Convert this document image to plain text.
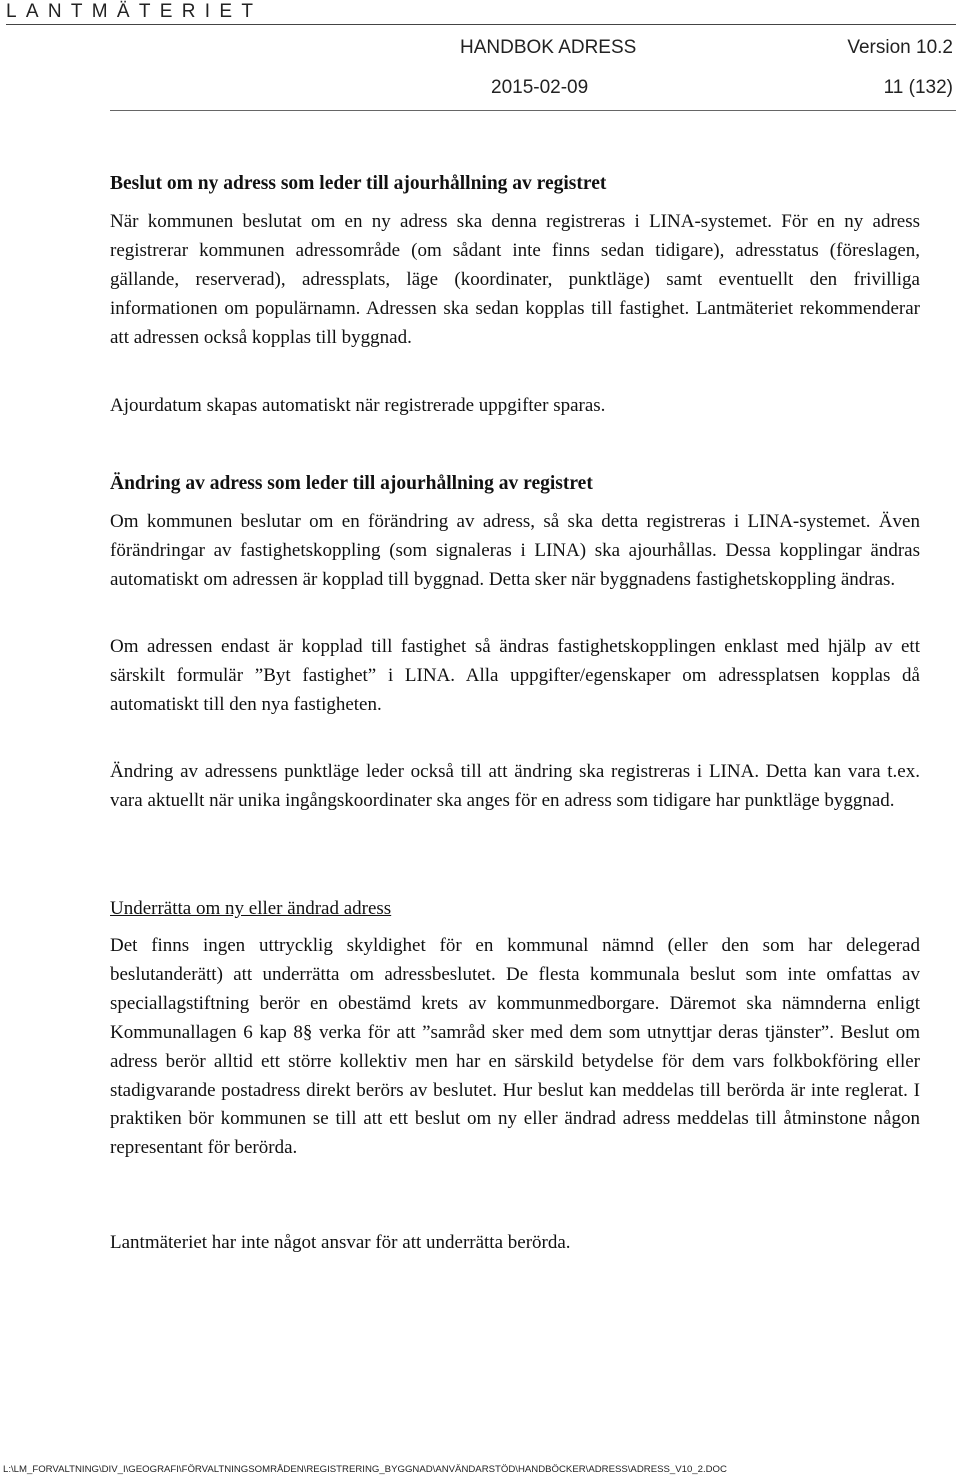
LANTMÄTERIET
HANDBOK ADRESS	Version 10.2
2015-02-09	11 (132)
Beslut om ny adress som leder till ajourhållning av registret

När kommunen beslutat om en ny adress ska denna registreras i LINA-systemet. För en ny adress registrerar kommunen adressområde (om sådant inte finns sedan tidigare), adresstatus (föreslagen, gällande, reserverad), adressplats, läge (koordinater, punktläge) samt eventuellt den frivilliga informationen om populärnamn. Adressen ska sedan kopplas till fastighet. Lantmäteriet rekommenderar att adressen också kopplas till byggnad.

Ajourdatum skapas automatiskt när registrerade uppgifter sparas.

Ändring av adress som leder till ajourhållning av registret

Om kommunen beslutar om en förändring av adress, så ska detta registreras i LINA-systemet. Även förändringar av fastighetskoppling (som signaleras i LINA) ska ajourhållas. Dessa kopplingar ändras automatiskt om adressen är kopplad till byggnad. Detta sker när byggnadens fastighetskoppling ändras.

Om adressen endast är kopplad till fastighet så ändras fastighetskopplingen enklast med hjälp av ett särskilt formulär ”Byt fastighet” i LINA. Alla uppgifter/egenskaper om adressplatsen kopplas då automatiskt till den nya fastigheten.

Ändring av adressens punktläge leder också till att ändring ska registreras i LINA. Detta kan vara t.ex. vara aktuellt när unika ingångskoordinater ska anges för en adress som tidigare har punktläge byggnad.

Underrätta om ny eller ändrad adress

Det finns ingen uttrycklig skyldighet för en kommunal nämnd (eller den som har delegerad beslutanderätt) att underrätta om adressbeslutet. De flesta kommunala beslut som inte omfattas av speciallagstiftning berör en obestämd krets av kommunmedborgare. Däremot ska nämnderna enligt Kommunallagen 6 kap 8§ verka för att ”samråd sker med dem som utnyttjar deras tjänster”. Beslut om adress berör alltid ett större kollektiv men har en särskild betydelse för dem vars folkbokföring eller stadigvarande postadress direkt berörs av beslutet. Hur beslut kan meddelas till berörda är inte reglerat. I praktiken bör kommunen se till att ett beslut om ny eller ändrad adress meddelas till åtminstone någon representant för berörda.

Lantmäteriet har inte något ansvar för att underrätta berörda.

L:\LM_FORVALTNING\DIV_I\GEOGRAFI\FÖRVALTNINGSOMRÅDEN\REGISTRERING_BYGGNAD\ANVÄNDARSTÖD\HANDBÖCKER\ADRESS\ADRESS_V10_2.DOC
